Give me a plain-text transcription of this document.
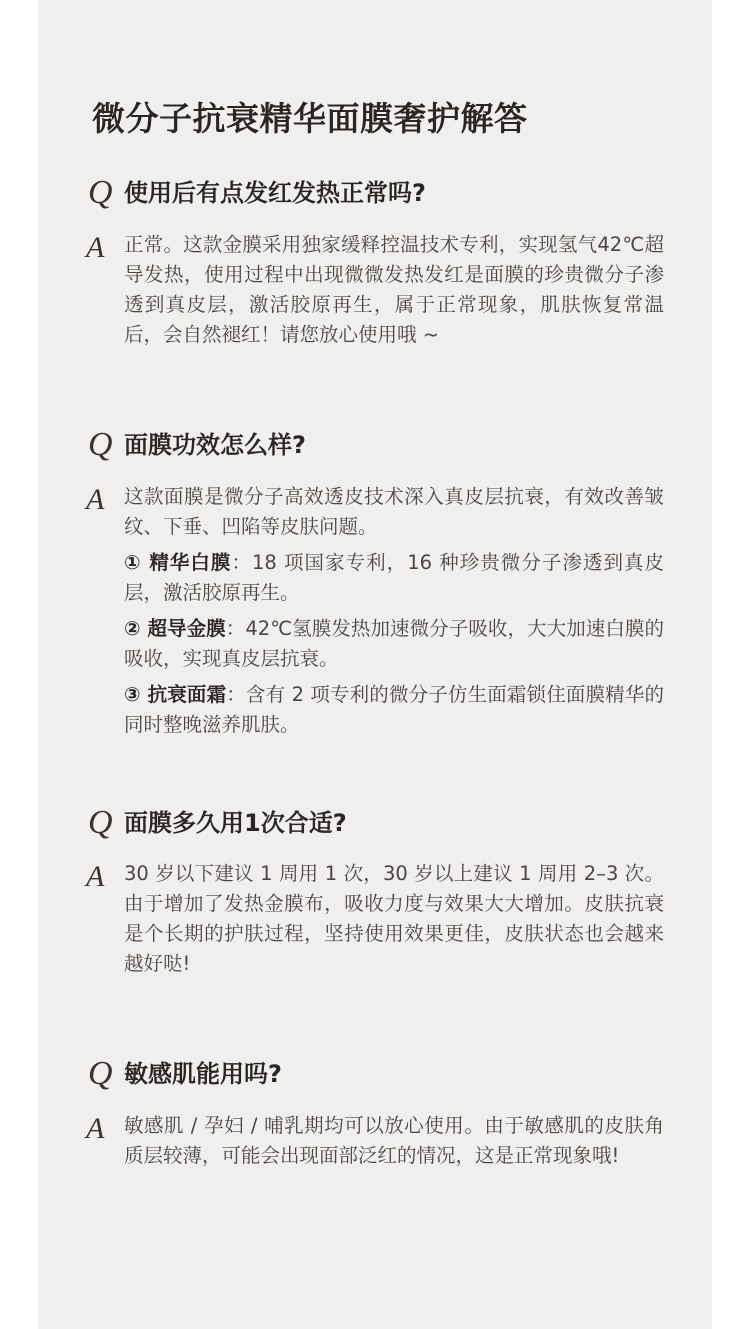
微分子抗衰精华面膜奢护解答
Q 使用后有点发红发热正常吗?
A 正常。这款金膜采用独家缓释控温技术专利，实现氢气42℃超导发热，使用过程中出现微微发热发红是面膜的珍贵微分子渗透到真皮层，激活胶原再生，属于正常现象，肌肤恢复常温后，会自然褪红！请您放心使用哦 ~

Q 面膜功效怎么样?
A 这款面膜是微分子高效透皮技术深入真皮层抗衰，有效改善皱纹、下垂、凹陷等皮肤问题。

① 精华白膜：18 项国家专利，16 种珍贵微分子渗透到真皮层，激活胶原再生。

② 超导金膜：42℃氢膜发热加速微分子吸收，大大加速白膜的吸收，实现真皮层抗衰。

③ 抗衰面霜：含有 2 项专利的微分子仿生面霜锁住面膜精华的同时整晚滋养肌肤。

Q 面膜多久用1次合适?
A 30 岁以下建议 1 周用 1 次，30 岁以上建议 1 周用 2–3 次。由于增加了发热金膜布，吸收力度与效果大大增加。皮肤抗衰是个长期的护肤过程，坚持使用效果更佳，皮肤状态也会越来越好哒!

Q 敏感肌能用吗?
A 敏感肌 / 孕妇 / 哺乳期均可以放心使用。由于敏感肌的皮肤角质层较薄，可能会出现面部泛红的情况，这是正常现象哦!
